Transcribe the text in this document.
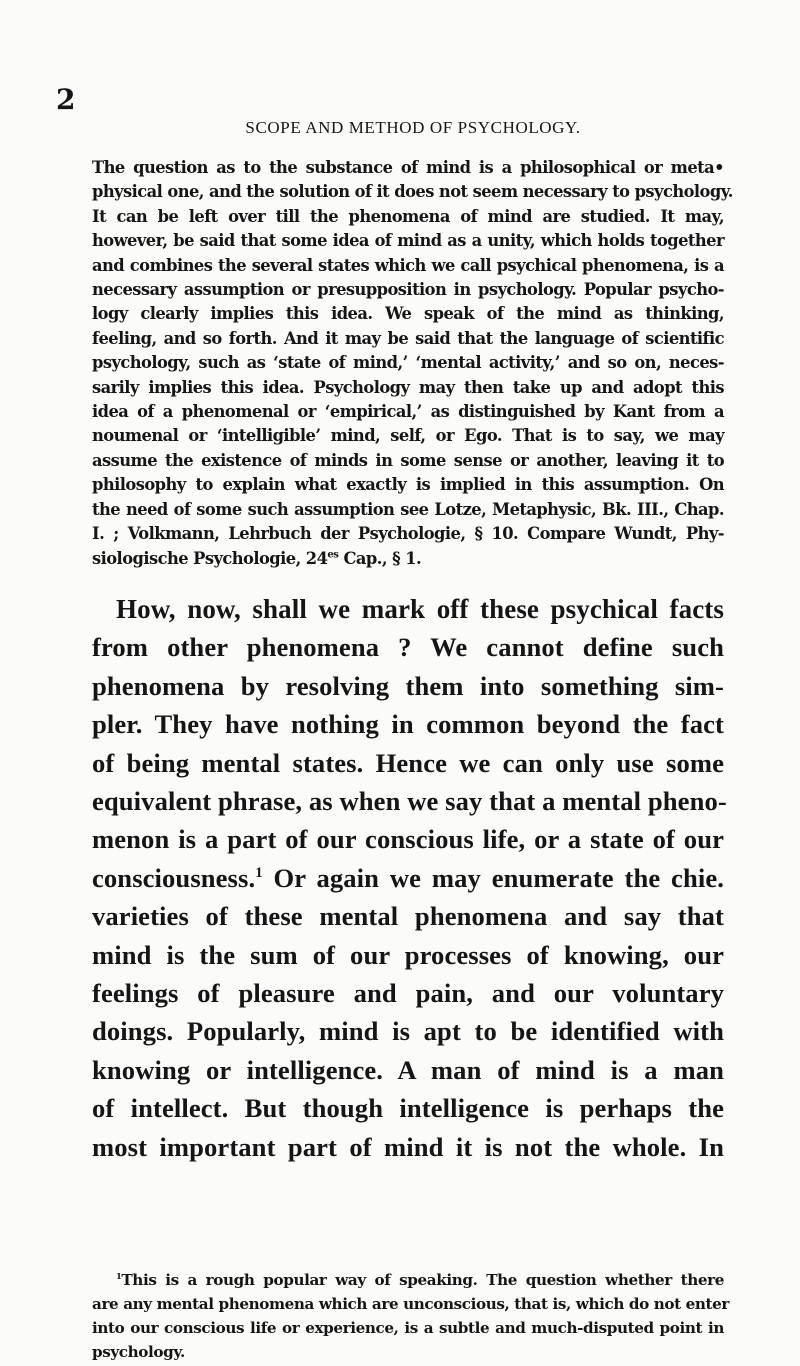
2
SCOPE AND METHOD OF PSYCHOLOGY.
The question as to the substance of mind is a philosophical or meta•
physical one, and the solution of it does not seem necessary to psychology.
It can be left over till the phenomena of mind are studied. It may,
however, be said that some idea of mind as a unity, which holds together
and combines the several states which we call psychical phenomena, is a
necessary assumption or presupposition in psychology. Popular psycho-
logy clearly implies this idea. We speak of the mind as thinking,
feeling, and so forth. And it may be said that the language of scientific
psychology, such as ‘state of mind,’ ‘mental activity,’ and so on, neces-
sarily implies this idea. Psychology may then take up and adopt this
idea of a phenomenal or ‘empirical,’ as distinguished by Kant from a
noumenal or ‘intelligible’ mind, self, or Ego. That is to say, we may
assume the existence of minds in some sense or another, leaving it to
philosophy to explain what exactly is implied in this assumption. On
the need of some such assumption see Lotze, Metaphysic, Bk. III., Chap.
I. ; Volkmann, Lehrbuch der Psychologie, § 10. Compare Wundt, Phy-
siologische Psychologie, $24^{es}$ Cap., § 1.
How, now, shall we mark off these psychical facts
from other phenomena ? We cannot define such
phenomena by resolving them into something sim-
pler. They have nothing in common beyond the fact
of being mental states. Hence we can only use some
equivalent phrase, as when we say that a mental pheno-
menon is a part of our conscious life, or a state of our
consciousness.$^1$ Or again we may enumerate the chie.
varieties of these mental phenomena and say that
mind is the sum of our processes of knowing, our
feelings of pleasure and pain, and our voluntary
doings. Popularly, mind is apt to be identified with
knowing or intelligence. A man of mind is a man
of intellect. But though intelligence is perhaps the
most important part of mind it is not the whole. In
$^1$This is a rough popular way of speaking. The question whether there
are any mental phenomena which are unconscious, that is, which do not enter
into our conscious life or experience, is a subtle and much-disputed point in
psychology.
